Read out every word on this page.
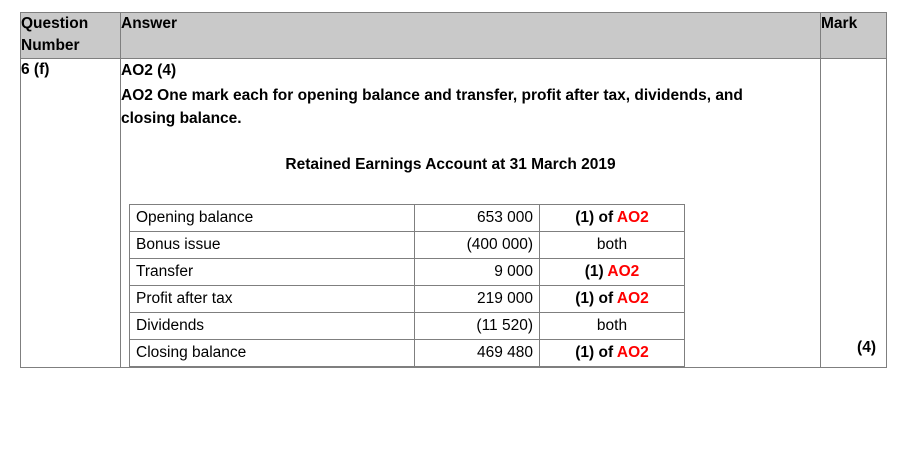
Question Number	Answer	Mark
6 (f)	AO2 (4)

AO2 One mark each for opening balance and transfer, profit after tax, dividends, and closing balance.

Retained Earnings Account at 31 March 2019

Opening balance	653 000	(1) of AO2
Bonus issue	(400 000)	both
Transfer	9 000	(1) AO2
Profit after tax	219 000	(1) of AO2
Dividends	(11 520)	both
Closing balance	469 480	(1) of AO2
		(4)
